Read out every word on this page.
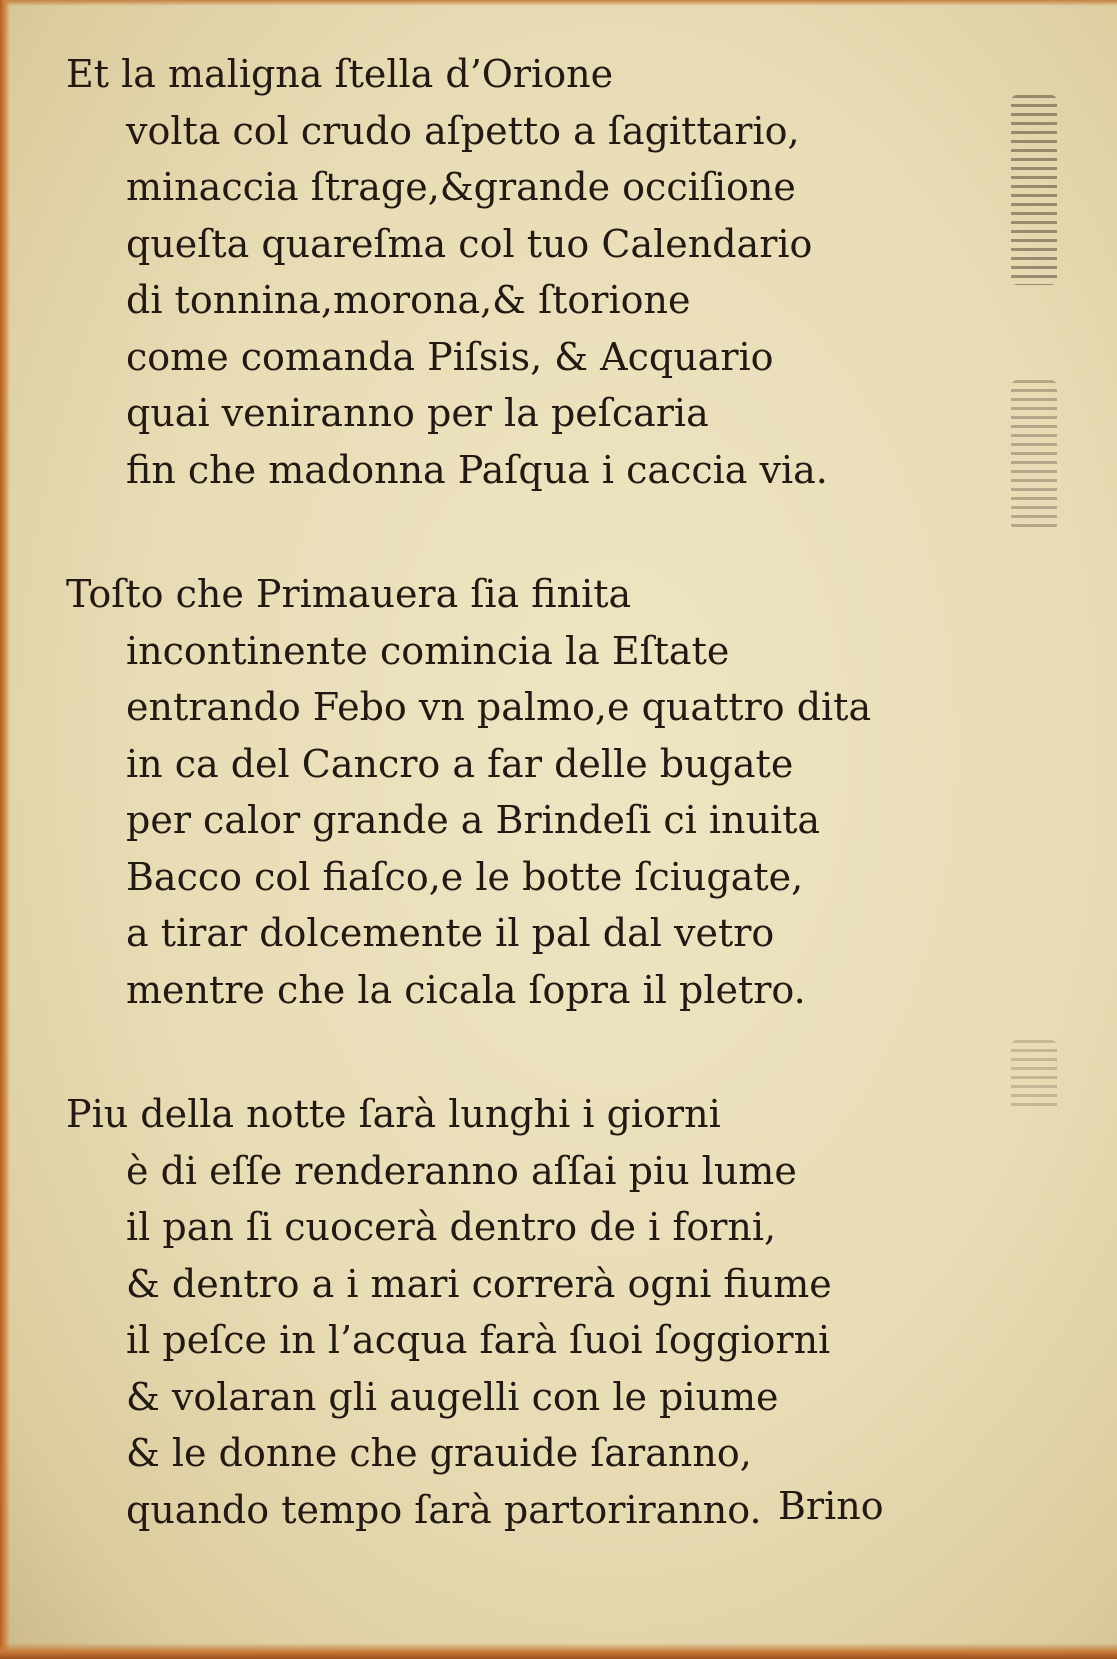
Et la maligna ſtella d’Orione
volta col crudo aſpetto a ſagittario,
minaccia ſtrage,&grande occiſione
queſta quareſma col tuo Calendario
di tonnina,morona,& ſtorione
come comanda Piſsis, & Acquario
quai veniranno per la peſcaria
fin che madonna Paſqua i caccia via.
Toſto che Primauera ſia finita
incontinente comincia la Eſtate
entrando Febo vn palmo,e quattro dita
in ca del Cancro a far delle bugate
per calor grande a Brindeſi ci inuita
Bacco col fiaſco,e le botte ſciugate,
a tirar dolcemente il pal dal vetro
mentre che la cicala ſopra il pletro.
Piu della notte ſarà lunghi i giorni
è di eſſe renderanno aſſai piu lume
il pan ſi cuocerà dentro de i forni,
& dentro a i mari correrà ogni fiume
il peſce in l’acqua farà ſuoi ſoggiorni
& volaran gli augelli con le piume
& le donne che grauide ſaranno,
quando tempo ſarà partoriranno. Brino
